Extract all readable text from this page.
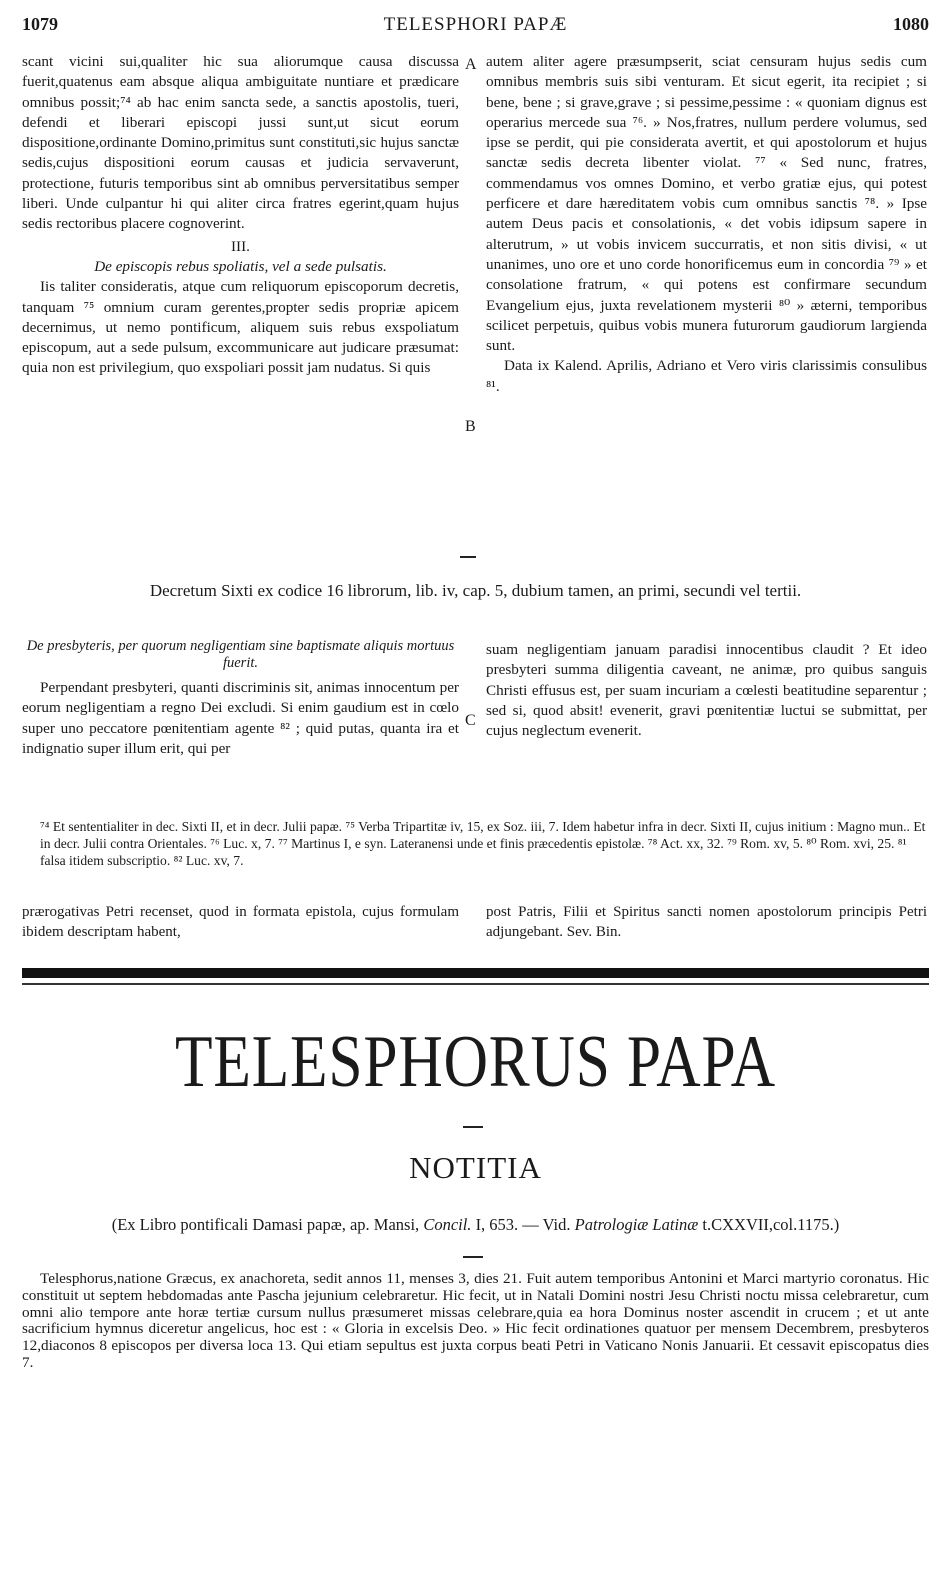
1079	TELESPHORI PAPÆ	1080

scant vicini sui,qualiter hic sua aliorumque causa discussa fuerit,quatenus eam absque aliqua ambiguitate nuntiare et prædicare omnibus possit;⁷⁴ ab hac enim sancta sede, a sanctis apostolis, tueri, defendi et liberari episcopi jussi sunt,ut sicut eorum dispositione,ordinante Domino,primitus sunt constituti,sic hujus sanctæ sedis,cujus dispositioni eorum causas et judicia servaverunt, protectione, futuris temporibus sint ab omnibus perversitatibus semper liberi. Unde culpantur hi qui aliter circa fratres egerint,quam hujus sedis rectoribus placere cognoverint.

III.

De episcopis rebus spoliatis, vel a sede pulsatis.

Iis taliter consideratis, atque cum reliquorum episcoporum decretis, tanquam ⁷⁵ omnium curam gerentes,propter sedis propriæ apicem decernimus, ut nemo pontificum, aliquem suis rebus exspoliatum episcopum, aut a sede pulsum, excommunicare aut judicare præsumat: quia non est privilegium, quo exspoliari possit jam nudatus. Si quis

A
B

autem aliter agere præsumpserit, sciat censuram hujus sedis cum omnibus membris suis sibi venturam. Et sicut egerit, ita recipiet ; si bene, bene ; si grave,grave ; si pessime,pessime : « quoniam dignus est operarius mercede sua ⁷⁶. » Nos,fratres, nullum perdere volumus, sed ipse se perdit, qui pie considerata avertit, et qui apostolorum et hujus sanctæ sedis decreta libenter violat. ⁷⁷ « Sed nunc, fratres, commendamus vos omnes Domino, et verbo gratiæ ejus, qui potest perficere et dare hæreditatem vobis cum omnibus sanctis ⁷⁸. » Ipse autem Deus pacis et consolationis, « det vobis idipsum sapere in alterutrum, » ut vobis invicem succurratis, et non sitis divisi, « ut unanimes, uno ore et uno corde honorificemus eum in concordia ⁷⁹ » et consolatione fratrum, « qui potens est confirmare secundum Evangelium ejus, juxta revelationem mysterii ⁸⁰ » æterni, temporibus scilicet perpetuis, quibus vobis munera futurorum gaudiorum largienda sunt.

Data ix Kalend. Aprilis, Adriano et Vero viris clarissimis consulibus ⁸¹.

Decretum Sixti ex codice 16 librorum, lib. iv, cap. 5, dubium tamen, an primi, secundi vel tertii.

De presbyteris, per quorum negligentiam sine baptismate aliquis mortuus fuerit.

Perpendant presbyteri, quanti discriminis sit, animas innocentum per eorum negligentiam a regno Dei excludi. Si enim gaudium est in cœlo super uno peccatore pœnitentiam agente ⁸² ; quid putas, quanta ira et indignatio super illum erit, qui per

C

suam negligentiam januam paradisi innocentibus claudit ? Et ideo presbyteri summa diligentia caveant, ne animæ, pro quibus sanguis Christi effusus est, per suam incuriam a cœlesti beatitudine separentur ; sed si, quod absit! evenerit, gravi pœnitentiæ luctui se submittat, per cujus neglectum evenerit.

⁷⁴ Et sententialiter in dec. Sixti II, et in decr. Julii papæ. ⁷⁵ Verba Tripartitæ iv, 15, ex Soz. iii, 7. Idem habetur infra in decr. Sixti II, cujus initium : Magno mun.. Et in decr. Julii contra Orientales. ⁷⁶ Luc. x, 7. ⁷⁷ Martinus I, e syn. Lateranensi unde et finis præcedentis epistolæ. ⁷⁸ Act. xx, 32. ⁷⁹ Rom. xv, 5. ⁸⁰ Rom. xvi, 25. ⁸¹ falsa itidem subscriptio. ⁸² Luc. xv, 7.

prærogativas Petri recenset, quod in formata epistola, cujus formulam ibidem descriptam habent,

post Patris, Filii et Spiritus sancti nomen apostolorum principis Petri adjungebant. Sev. Bin.

TELESPHORUS PAPA
NOTITIA
(Ex Libro pontificali Damasi papæ, ap. Mansi, Concil. I, 653. — Vid. Patrologiæ Latinæ t.CXXVII,col.1175.)

Telesphorus,natione Græcus, ex anachoreta, sedit annos 11, menses 3, dies 21. Fuit autem temporibus Antonini et Marci martyrio coronatus. Hic constituit ut septem hebdomadas ante Pascha jejunium celebraretur. Hic fecit, ut in Natali Domini nostri Jesu Christi noctu missa celebraretur, cum omni alio tempore ante horæ tertiæ cursum nullus præsumeret missas celebrare,quia ea hora Dominus noster ascendit in crucem ; et ut ante sacrificium hymnus diceretur angelicus, hoc est : « Gloria in excelsis Deo. » Hic fecit ordinationes quatuor per mensem Decembrem, presbyteros 12,diaconos 8 episcopos per diversa loca 13. Qui etiam sepultus est juxta corpus beati Petri in Vaticano Nonis Januarii. Et cessavit episcopatus dies 7.
